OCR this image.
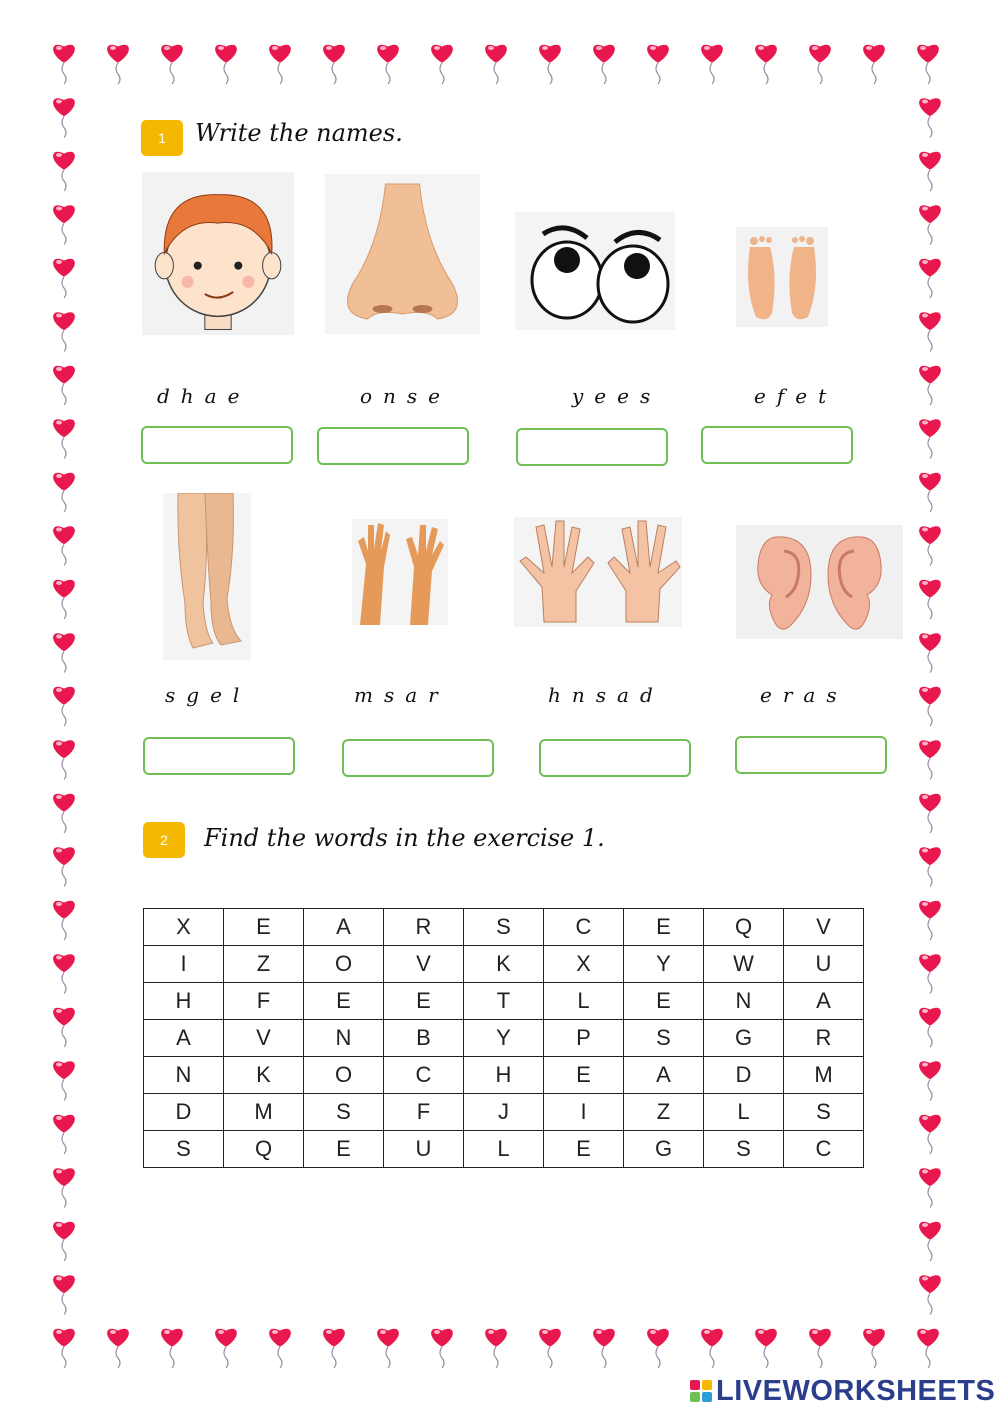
1	Write the names.
dhae	onse	yees	efet
sgel	msar	hnsad	eras
2	Find the words in the exercise 1.
X	E	A	R	S	C	E	Q	V
I	Z	O	V	K	X	Y	W	U
H	F	E	E	T	L	E	N	A
A	V	N	B	Y	P	S	G	R
N	K	O	C	H	E	A	D	M
D	M	S	F	J	I	Z	L	S
S	Q	E	U	L	E	G	S	C
LIVEWORKSHEETS
